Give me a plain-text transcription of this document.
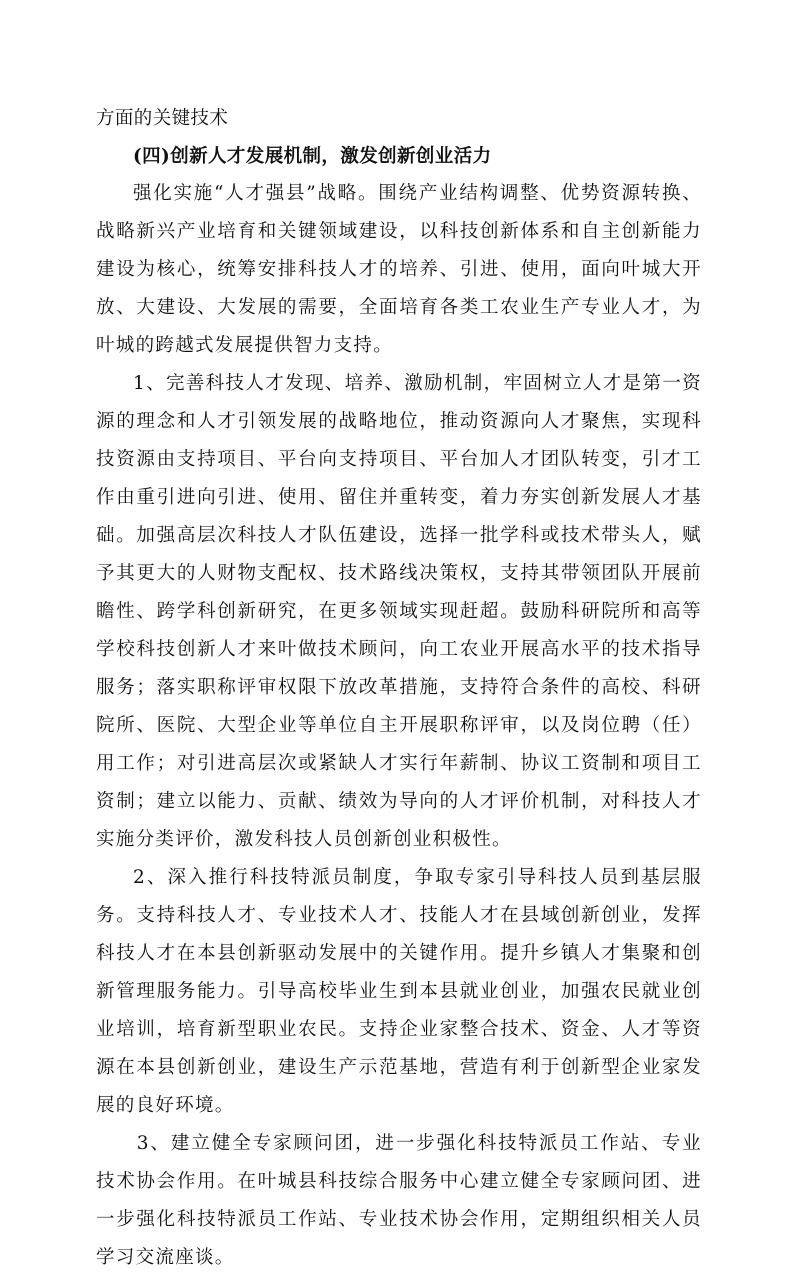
方面的关键技术

(四)创新人才发展机制，激发创新创业活力

强化实施“人才强县”战略。围绕产业结构调整、优势资源转换、战略新兴产业培育和关键领域建设，以科技创新体系和自主创新能力建设为核心，统筹安排科技人才的培养、引进、使用，面向叶城大开放、大建设、大发展的需要，全面培育各类工农业生产专业人才，为叶城的跨越式发展提供智力支持。

1、完善科技人才发现、培养、激励机制，牢固树立人才是第一资源的理念和人才引领发展的战略地位，推动资源向人才聚焦，实现科技资源由支持项目、平台向支持项目、平台加人才团队转变，引才工作由重引进向引进、使用、留住并重转变，着力夯实创新发展人才基础。加强高层次科技人才队伍建设，选择一批学科或技术带头人，赋予其更大的人财物支配权、技术路线决策权，支持其带领团队开展前瞻性、跨学科创新研究，在更多领域实现赶超。鼓励科研院所和高等学校科技创新人才来叶做技术顾问，向工农业开展高水平的技术指导服务；落实职称评审权限下放改革措施，支持符合条件的高校、科研院所、医院、大型企业等单位自主开展职称评审，以及岗位聘（任）用工作；对引进高层次或紧缺人才实行年薪制、协议工资制和项目工资制；建立以能力、贡献、绩效为导向的人才评价机制，对科技人才实施分类评价，激发科技人员创新创业积极性。

2、深入推行科技特派员制度，争取专家引导科技人员到基层服务。支持科技人才、专业技术人才、技能人才在县域创新创业，发挥科技人才在本县创新驱动发展中的关键作用。提升乡镇人才集聚和创新管理服务能力。引导高校毕业生到本县就业创业，加强农民就业创业培训，培育新型职业农民。支持企业家整合技术、资金、人才等资源在本县创新创业，建设生产示范基地，营造有利于创新型企业家发展的良好环境。

3、建立健全专家顾问团，进一步强化科技特派员工作站、专业技术协会作用。在叶城县科技综合服务中心建立健全专家顾问团、进一步强化科技特派员工作站、专业技术协会作用，定期组织相关人员学习交流座谈。
